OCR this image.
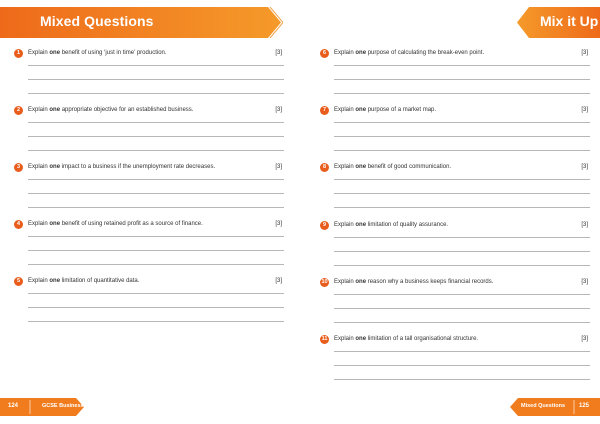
Mixed Questions
1	Explain one benefit of using ‘just in time’ production.	[3]
2	Explain one appropriate objective for an established business.	[3]
3	Explain one impact to a business if the unemployment rate decreases.	[3]
4	Explain one benefit of using retained profit as a source of finance.	[3]
5	Explain one limitation of quantitative data.	[3]
124	GCSE Business
Mix it Up
6	Explain one purpose of calculating the break-even point.	[3]
7	Explain one purpose of a market map.	[3]
8	Explain one benefit of good communication.	[3]
9	Explain one limitation of quality assurance.	[3]
10 Explain one reason why a business keeps financial records.	[3]
11 Explain one limitation of a tall organisational structure.	[3]
Mixed Questions 125
